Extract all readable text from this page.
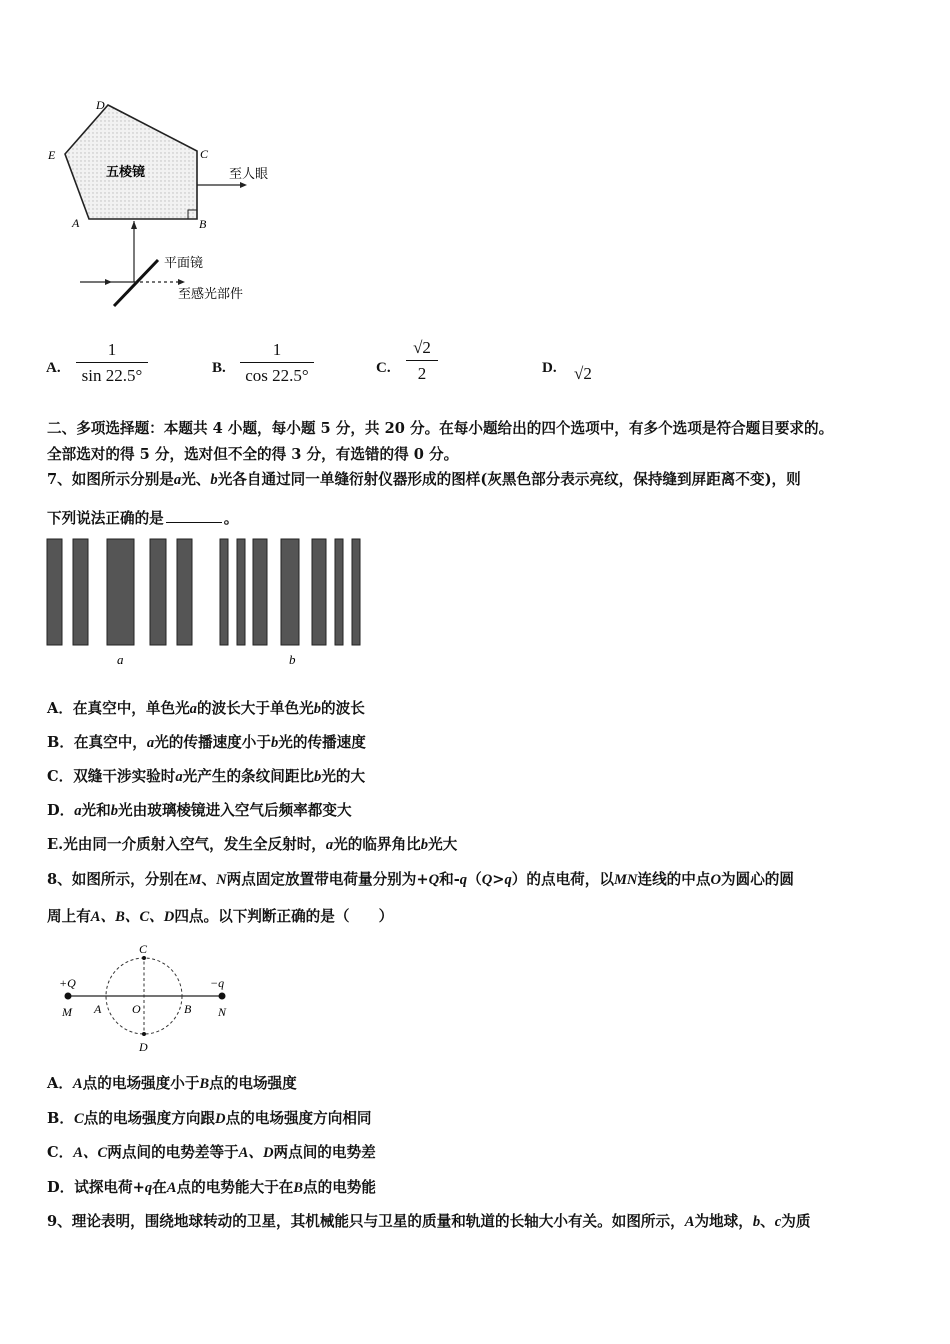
D
E	C
A	B
五棱镜	至人眼
平面镜
至感光部件
A.
1
sin 22.5°	B.
1
cos 22.5°	C.
√2
2	D. √2
二、多项选择题：本题共 4 小题，每小题 5 分，共 20 分。在每小题给出的四个选项中，有多个选项是符合题目要求的。
全部选对的得 5 分，选对但不全的得 3 分，有选错的得 0 分。
7、如图所示分别是a光、b光各自通过同一单缝衍射仪器形成的图样(灰黑色部分表示亮纹，保持缝到屏距离不变)，则
下列说法正确的是	。
a	b
A．在真空中，单色光a的波长大于单色光b的波长
B．在真空中，a光的传播速度小于b光的传播速度
C．双缝干涉实验时a光产生的条纹间距比b光的大
D．a光和b光由玻璃棱镜进入空气后频率都变大
E.光由同一介质射入空气，发生全反射时，a光的临界角比b光大
8、如图所示，分别在M、N两点固定放置带电荷量分别为+Q和-q（Q>q）的点电荷，以MN连线的中点O为圆心的圆
周上有A、B、C、D四点。以下判断正确的是（　　）
+Q	−q
M A	O	B N
C
D
A．A点的电场强度小于B点的电场强度
B．C点的电场强度方向跟D点的电场强度方向相同
C．A、C两点间的电势差等于A、D两点间的电势差
D．试探电荷+q在A点的电势能大于在B点的电势能
9、理论表明，围绕地球转动的卫星，其机械能只与卫星的质量和轨道的长轴大小有关。如图所示，A为地球，b、c为质
